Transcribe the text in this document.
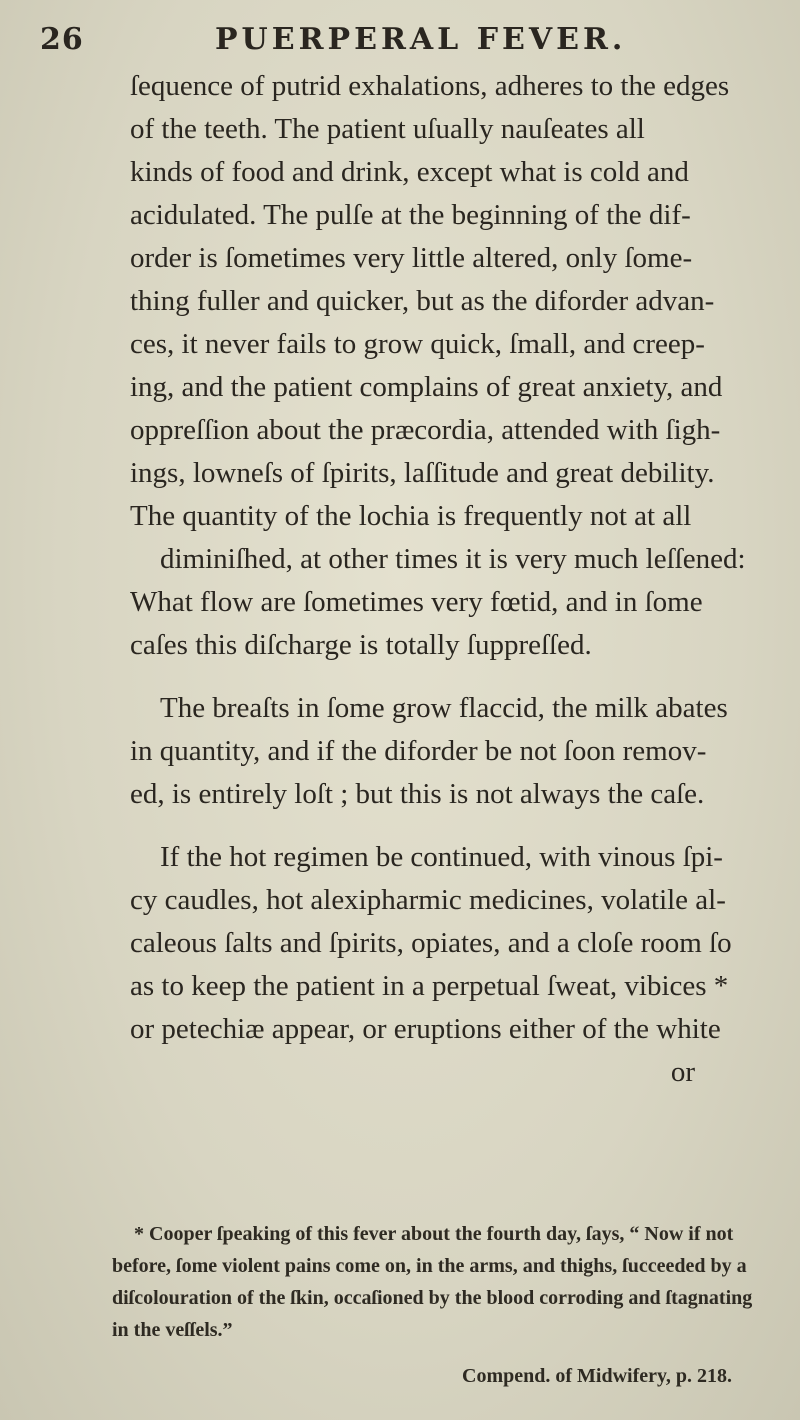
26	PUERPERAL FEVER.
ſequence of putrid exhalations, adheres to the edges
of the teeth. The patient uſually nauſeates all
kinds of food and drink, except what is cold and
acidulated. The pulſe at the beginning of the dif-
order is ſometimes very little altered, only ſome-
thing fuller and quicker, but as the diforder advan-
ces, it never fails to grow quick, ſmall, and creep-
ing, and the patient complains of great anxiety, and
oppreſſion about the præcordia, attended with ſigh-
ings, lowneſs of ſpirits, laſſitude and great debility.
The quantity of the lochia is frequently not at all
diminiſhed, at other times it is very much leſſened:
What flow are ſometimes very fœtid, and in ſome
caſes this diſcharge is totally ſuppreſſed.
The breaſts in ſome grow flaccid, the milk abates
in quantity, and if the diforder be not ſoon remov-
ed, is entirely loſt ; but this is not always the caſe.
If the hot regimen be continued, with vinous ſpi-
cy caudles, hot alexipharmic medicines, volatile al-
caleous ſalts and ſpirits, opiates, and a cloſe room ſo
as to keep the patient in a perpetual ſweat, vibices *
or petechiæ appear, or eruptions either of the white
or
* Cooper ſpeaking of this fever about the fourth day, ſays, “ Now if not
before, ſome violent pains come on, in the arms, and thighs, ſucceeded by a
diſcolouration of the ſkin, occaſioned by the blood corroding and ſtagnating
in the veſſels.”
Compend. of Midwifery, p. 218.
